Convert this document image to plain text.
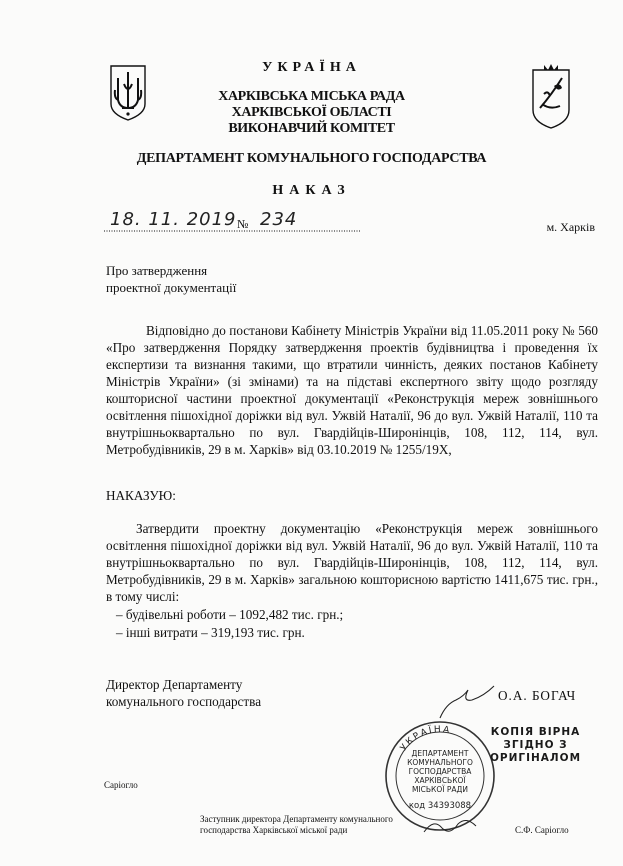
УКРАЇНА
ХАРКІВСЬКА МІСЬКА РАДА
ХАРКІВСЬКОЇ ОБЛАСТІ
ВИКОНАВЧИЙ КОМІТЕТ
ДЕПАРТАМЕНТ КОМУНАЛЬНОГО ГОСПОДАРСТВА
НАКАЗ
18. 11. 2019 № 234	м. Харків
Про затвердження
проектної документації
Відповідно до постанови Кабінету Міністрів України від 11.05.2011 року № 560 «Про затвердження Порядку затвердження проектів будівництва і проведення їх експертизи та визнання такими, що втратили чинність, деяких постанов Кабінету Міністрів України» (зі змінами) та на підставі експертного звіту щодо розгляду кошторисної частини проектної документації «Реконструкція мереж зовнішнього освітлення пішохідної доріжки від вул. Ужвій Наталії, 96 до вул. Ужвій Наталії, 110 та внутрішньоквартально по вул. Гвардійців-Широнінців, 108, 112, 114, вул. Метробудівників, 29 в м. Харків» від 03.10.2019 № 1255/19Х,
НАКАЗУЮ:
Затвердити проектну документацію «Реконструкція мереж зовнішнього освітлення пішохідної доріжки від вул. Ужвій Наталії, 96 до вул. Ужвій Наталії, 110 та внутрішньоквартально по вул. Гвардійців-Широнінців, 108, 112, 114, вул. Метробудівників, 29 в м. Харків» загальною кошторисною вартістю 1411,675 тис. грн., в тому числі:
– будівельні роботи – 1092,482 тис. грн.;
– інші витрати – 319,193 тис. грн.
Директор Департаменту
комунального господарства	О.А. БОГАЧ
УКРАЇНА
ДЕПАРТАМЕНТ
КОМУНАЛЬНОГО
ГОСПОДАРСТВА
ХАРКІВСЬКОЇ
МІСЬКОЇ РАДИ
код 34393088
КОПІЯ ВІРНА
ЗГІДНО З
ОРИГІНАЛОМ
Саріогло
Заступник директора Департаменту комунального
господарства Харківської міської ради	С.Ф. Саріогло
